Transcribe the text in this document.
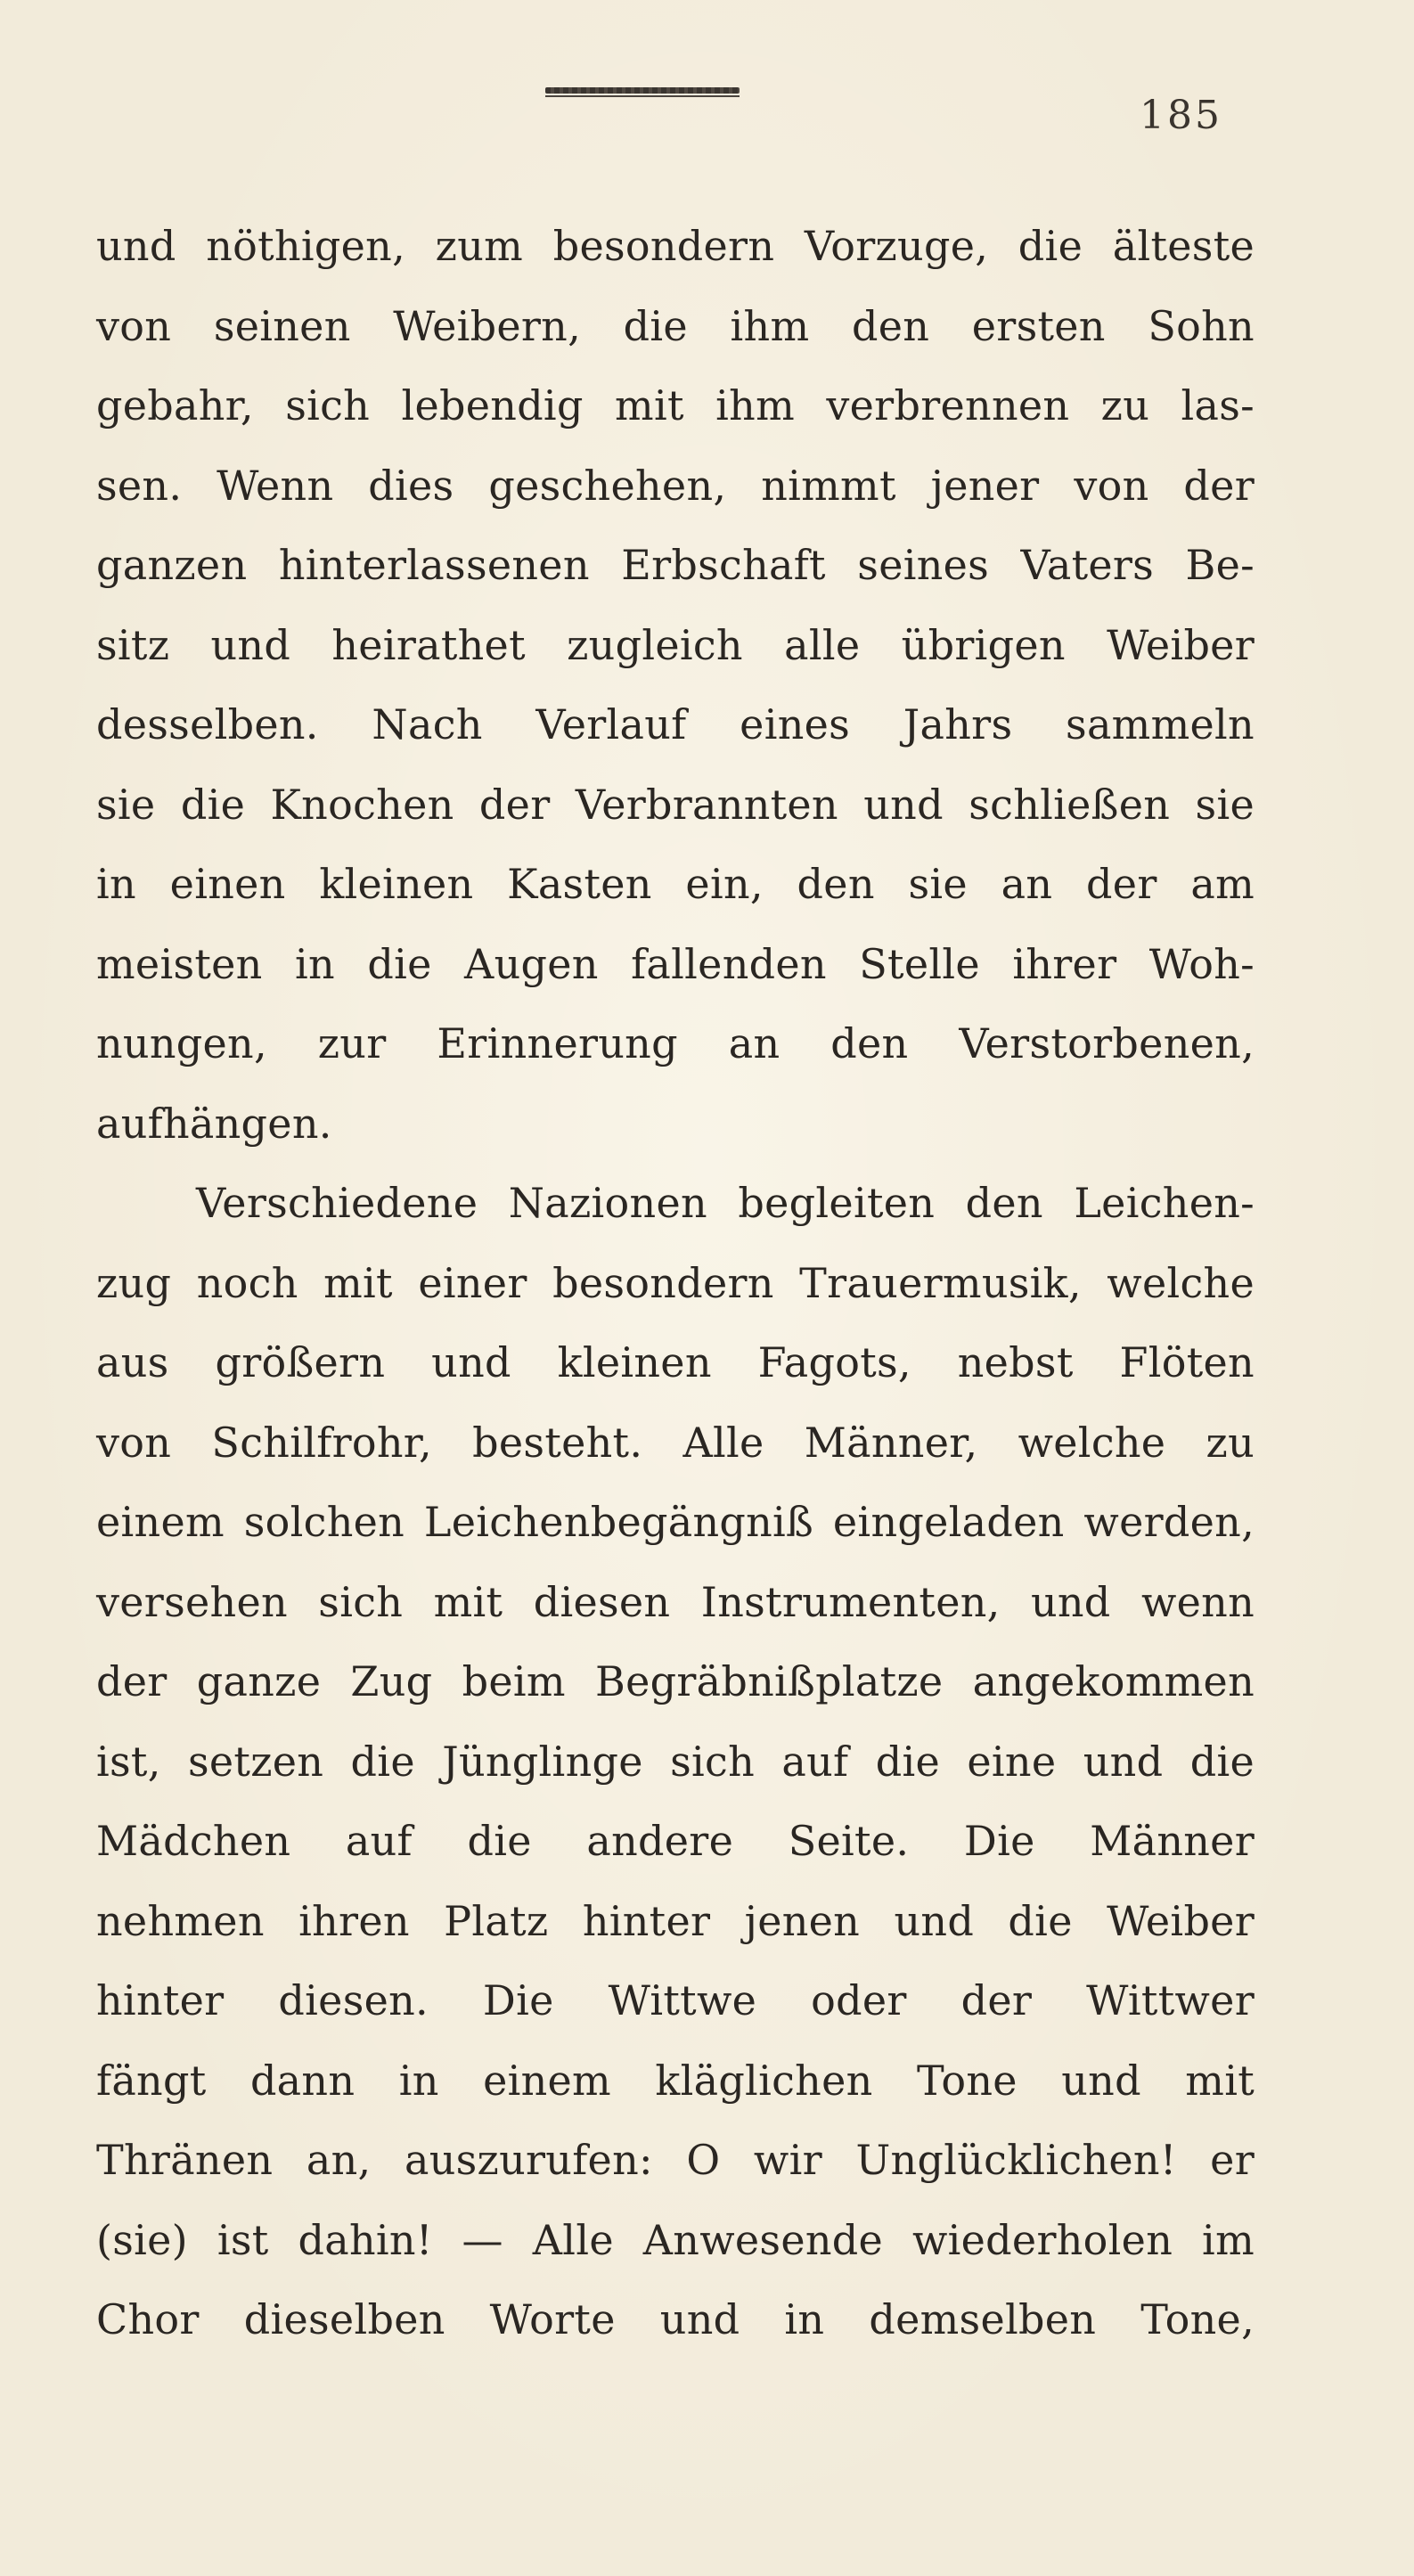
185
und nöthigen, zum besondern Vorzuge, die älteste
von seinen Weibern, die ihm den ersten Sohn
gebahr, sich lebendig mit ihm verbrennen zu las-
sen. Wenn dies geschehen, nimmt jener von der
ganzen hinterlassenen Erbschaft seines Vaters Be-
sitz und heirathet zugleich alle übrigen Weiber
desselben. Nach Verlauf eines Jahrs sammeln
sie die Knochen der Verbrannten und schließen sie
in einen kleinen Kasten ein, den sie an der am
meisten in die Augen fallenden Stelle ihrer Woh-
nungen, zur Erinnerung an den Verstorbenen,
aufhängen.
Verschiedene Nazionen begleiten den Leichen-
zug noch mit einer besondern Trauermusik, welche
aus größern und kleinen Fagots, nebst Flöten
von Schilfrohr, besteht. Alle Männer, welche zu
einem solchen Leichenbegängniß eingeladen werden,
versehen sich mit diesen Instrumenten, und wenn
der ganze Zug beim Begräbnißplatze angekommen
ist, setzen die Jünglinge sich auf die eine und die
Mädchen auf die andere Seite. Die Männer
nehmen ihren Platz hinter jenen und die Weiber
hinter diesen. Die Wittwe oder der Wittwer
fängt dann in einem kläglichen Tone und mit
Thränen an, auszurufen: O wir Unglücklichen! er
(sie) ist dahin! — Alle Anwesende wiederholen im
Chor dieselben Worte und in demselben Tone,
